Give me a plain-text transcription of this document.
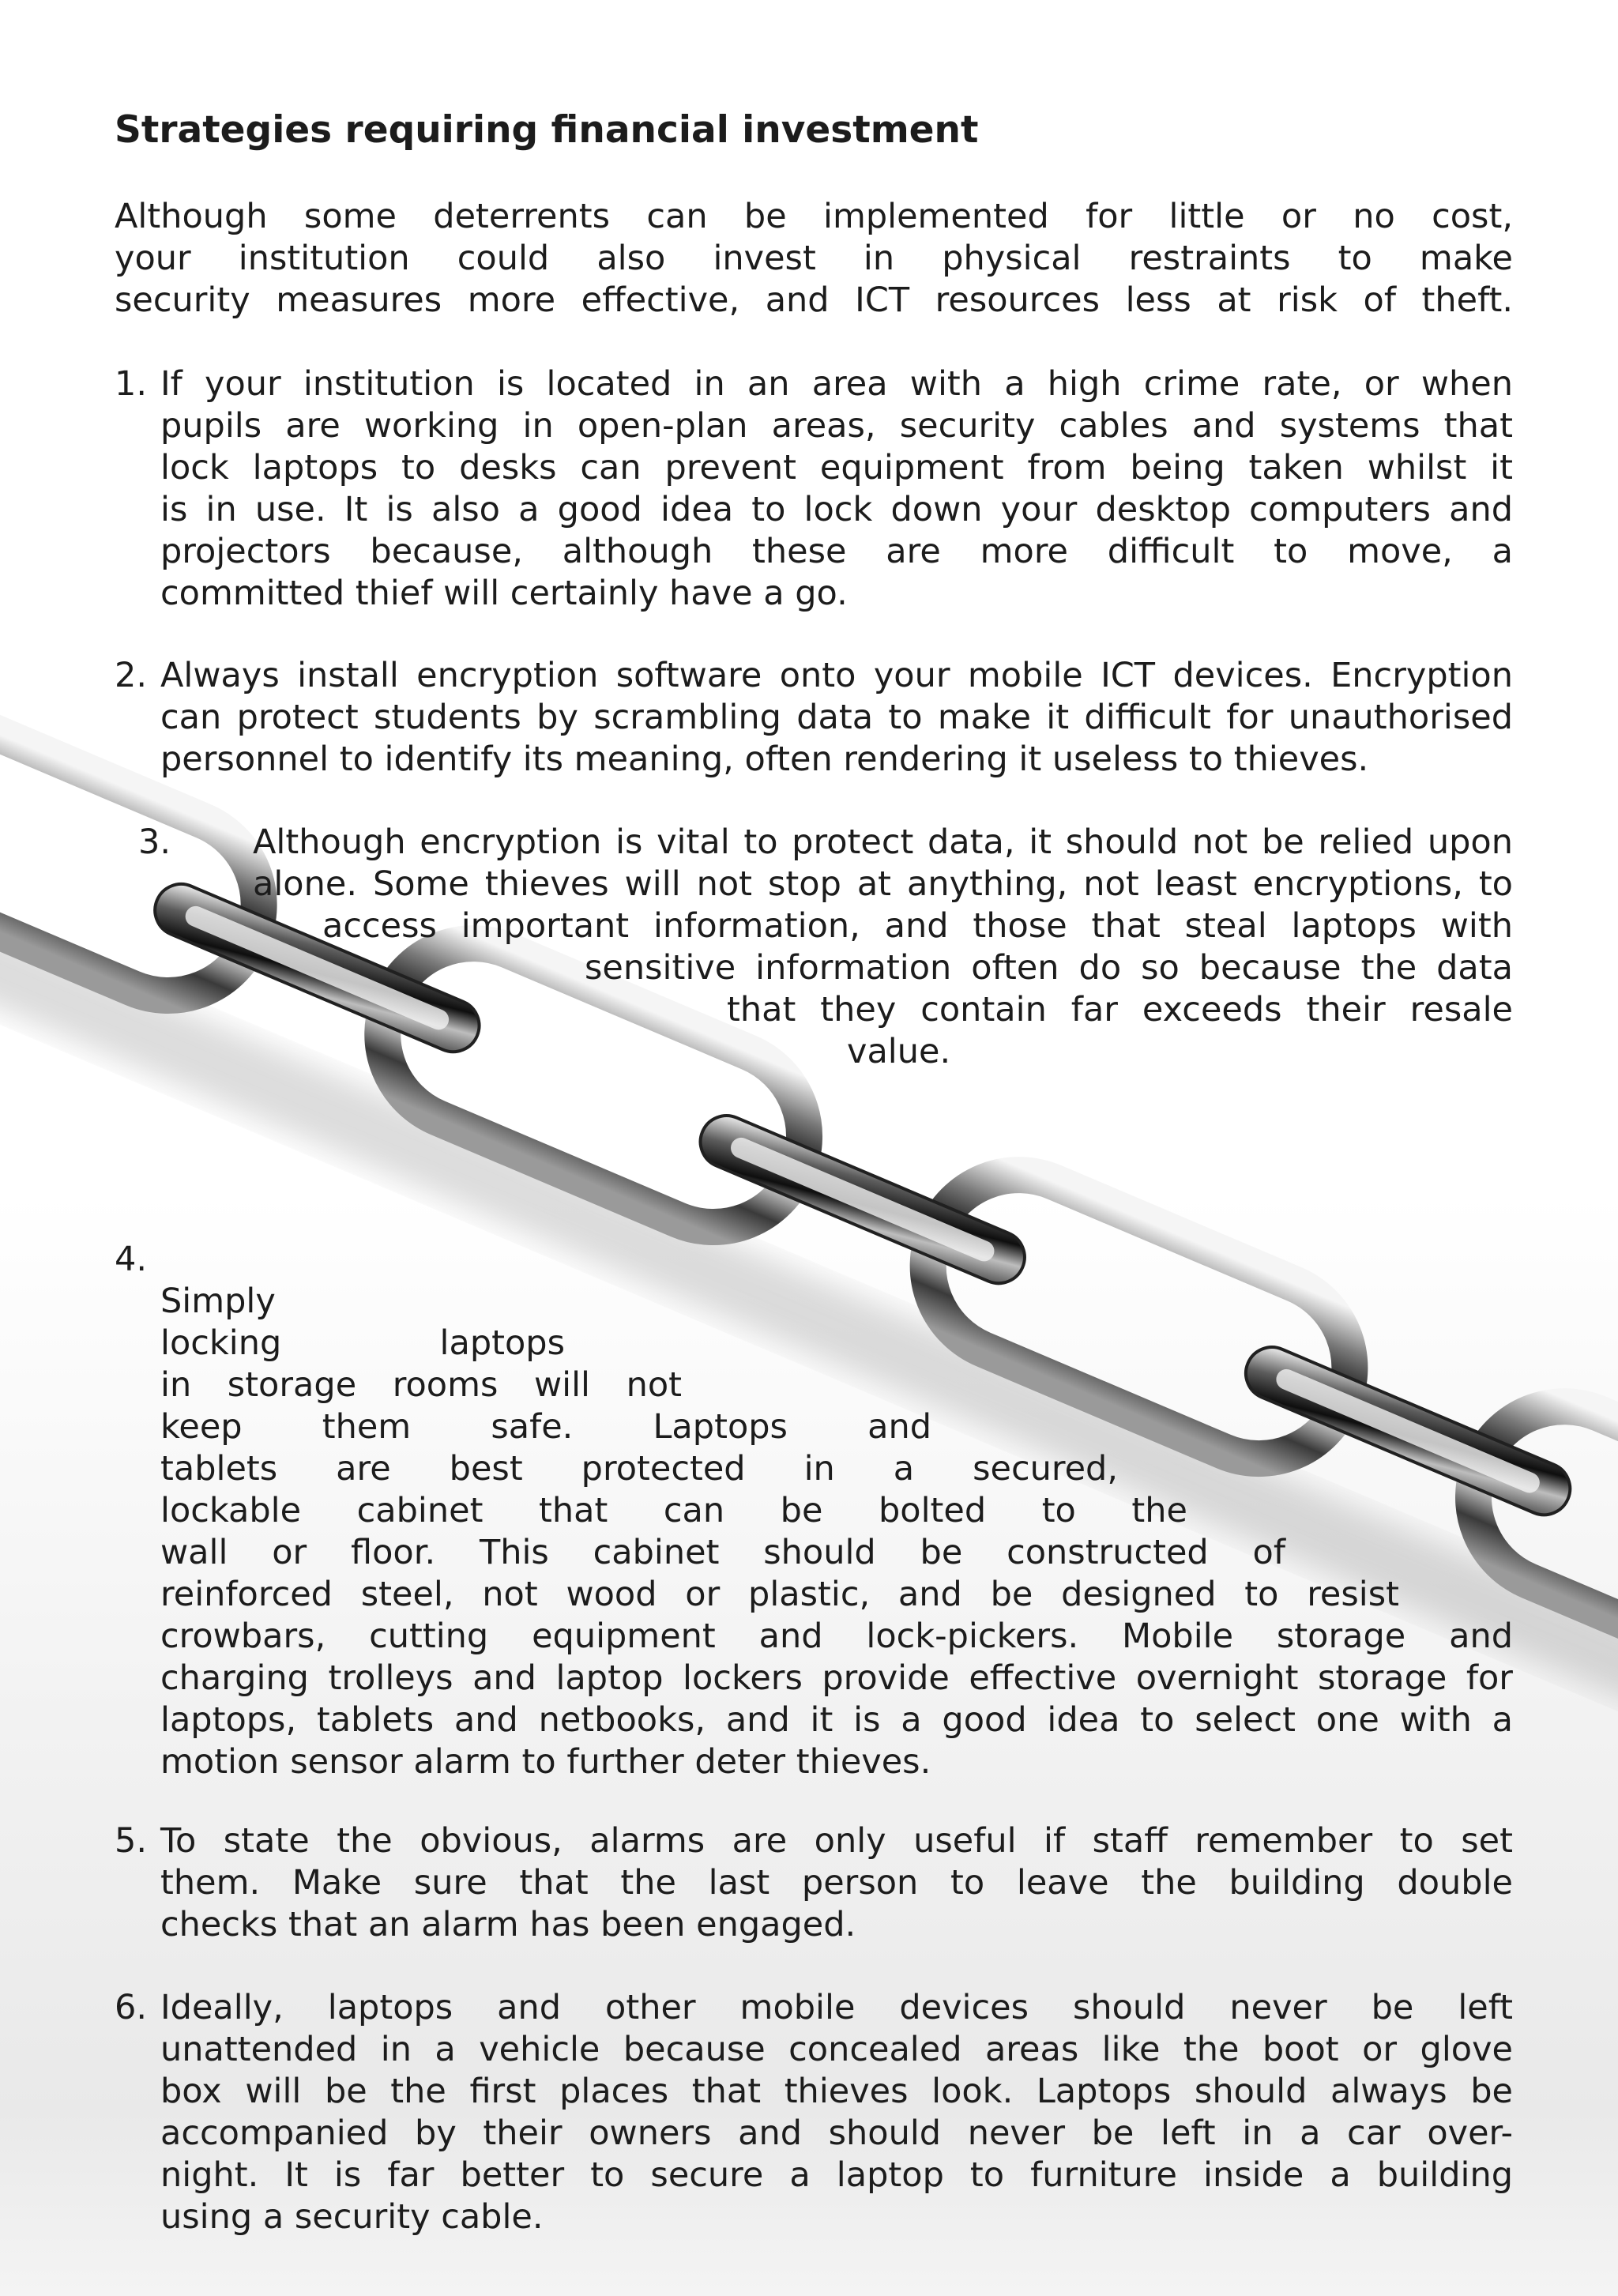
Strategies requiring financial investment
Although some deterrents can be implemented for little or no cost,
your institution could also invest in physical restraints to make
security measures more effective, and ICT resources less at risk of theft.
1. If your institution is located in an area with a high crime rate, or when
pupils are working in open-plan areas, security cables and systems that
lock laptops to desks can prevent equipment from being taken whilst it
is in use. It is also a good idea to lock down your desktop computers and
projectors because, although these are more difficult to move, a
committed thief will certainly have a go.
2. Always install encryption software onto your mobile ICT devices. Encryption
can protect students by scrambling data to make it difficult for unauthorised
personnel to identify its meaning, often rendering it useless to thieves.
3. Although encryption is vital to protect data, it should not be relied upon
alone. Some thieves will not stop at anything, not least encryptions, to
access important information, and those that steal laptops with
sensitive information often do so because the data
that they contain far exceeds their resale
value.
4.
Simply
locking laptops
in storage rooms will not
keep them safe. Laptops and
tablets are best protected in a secured,
lockable cabinet that can be bolted to the
wall or floor. This cabinet should be constructed of
reinforced steel, not wood or plastic, and be designed to resist
crowbars, cutting equipment and lock-pickers. Mobile storage and
charging trolleys and laptop lockers provide effective overnight storage for
laptops, tablets and netbooks, and it is a good idea to select one with a
motion sensor alarm to further deter thieves.
5. To state the obvious, alarms are only useful if staff remember to set
them. Make sure that the last person to leave the building double
checks that an alarm has been engaged.
6. Ideally, laptops and other mobile devices should never be left
unattended in a vehicle because concealed areas like the boot or glove
box will be the first places that thieves look. Laptops should always be
accompanied by their owners and should never be left in a car over-
night. It is far better to secure a laptop to furniture inside a building
using a security cable.
